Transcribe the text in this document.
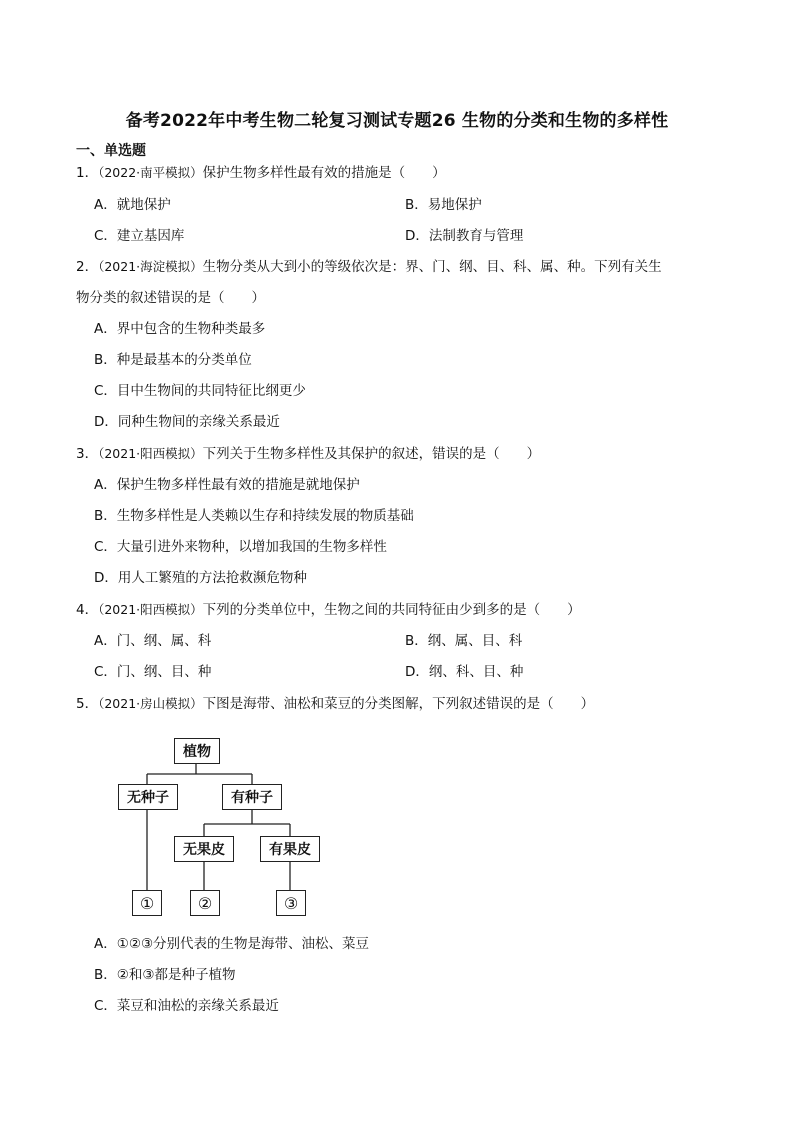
备考2022年中考生物二轮复习测试专题26 生物的分类和生物的多样性
一、单选题
1．（2022·南平模拟）保护生物多样性最有效的措施是（　　）
A．就地保护	B．易地保护
C．建立基因库	D．法制教育与管理
2．（2021·海淀模拟）生物分类从大到小的等级依次是：界、门、纲、目、科、属、种。下列有关生
物分类的叙述错误的是（　　）
A．界中包含的生物种类最多
B．种是最基本的分类单位
C．目中生物间的共同特征比纲更少
D．同种生物间的亲缘关系最近
3．（2021·阳西模拟）下列关于生物多样性及其保护的叙述，错误的是（　　）
A．保护生物多样性最有效的措施是就地保护
B．生物多样性是人类赖以生存和持续发展的物质基础
C．大量引进外来物种，以增加我国的生物多样性
D．用人工繁殖的方法抢救濒危物种
4．（2021·阳西模拟）下列的分类单位中，生物之间的共同特征由少到多的是（　　）
A．门、纲、属、科	B．纲、属、目、科
C．门、纲、目、种	D．纲、科、目、种
5．（2021·房山模拟）下图是海带、油松和菜豆的分类图解，下列叙述错误的是（　　）
植物
无种子	有种子
无果皮	有果皮
①	②	③
A．①②③分别代表的生物是海带、油松、菜豆
B．②和③都是种子植物
C．菜豆和油松的亲缘关系最近
